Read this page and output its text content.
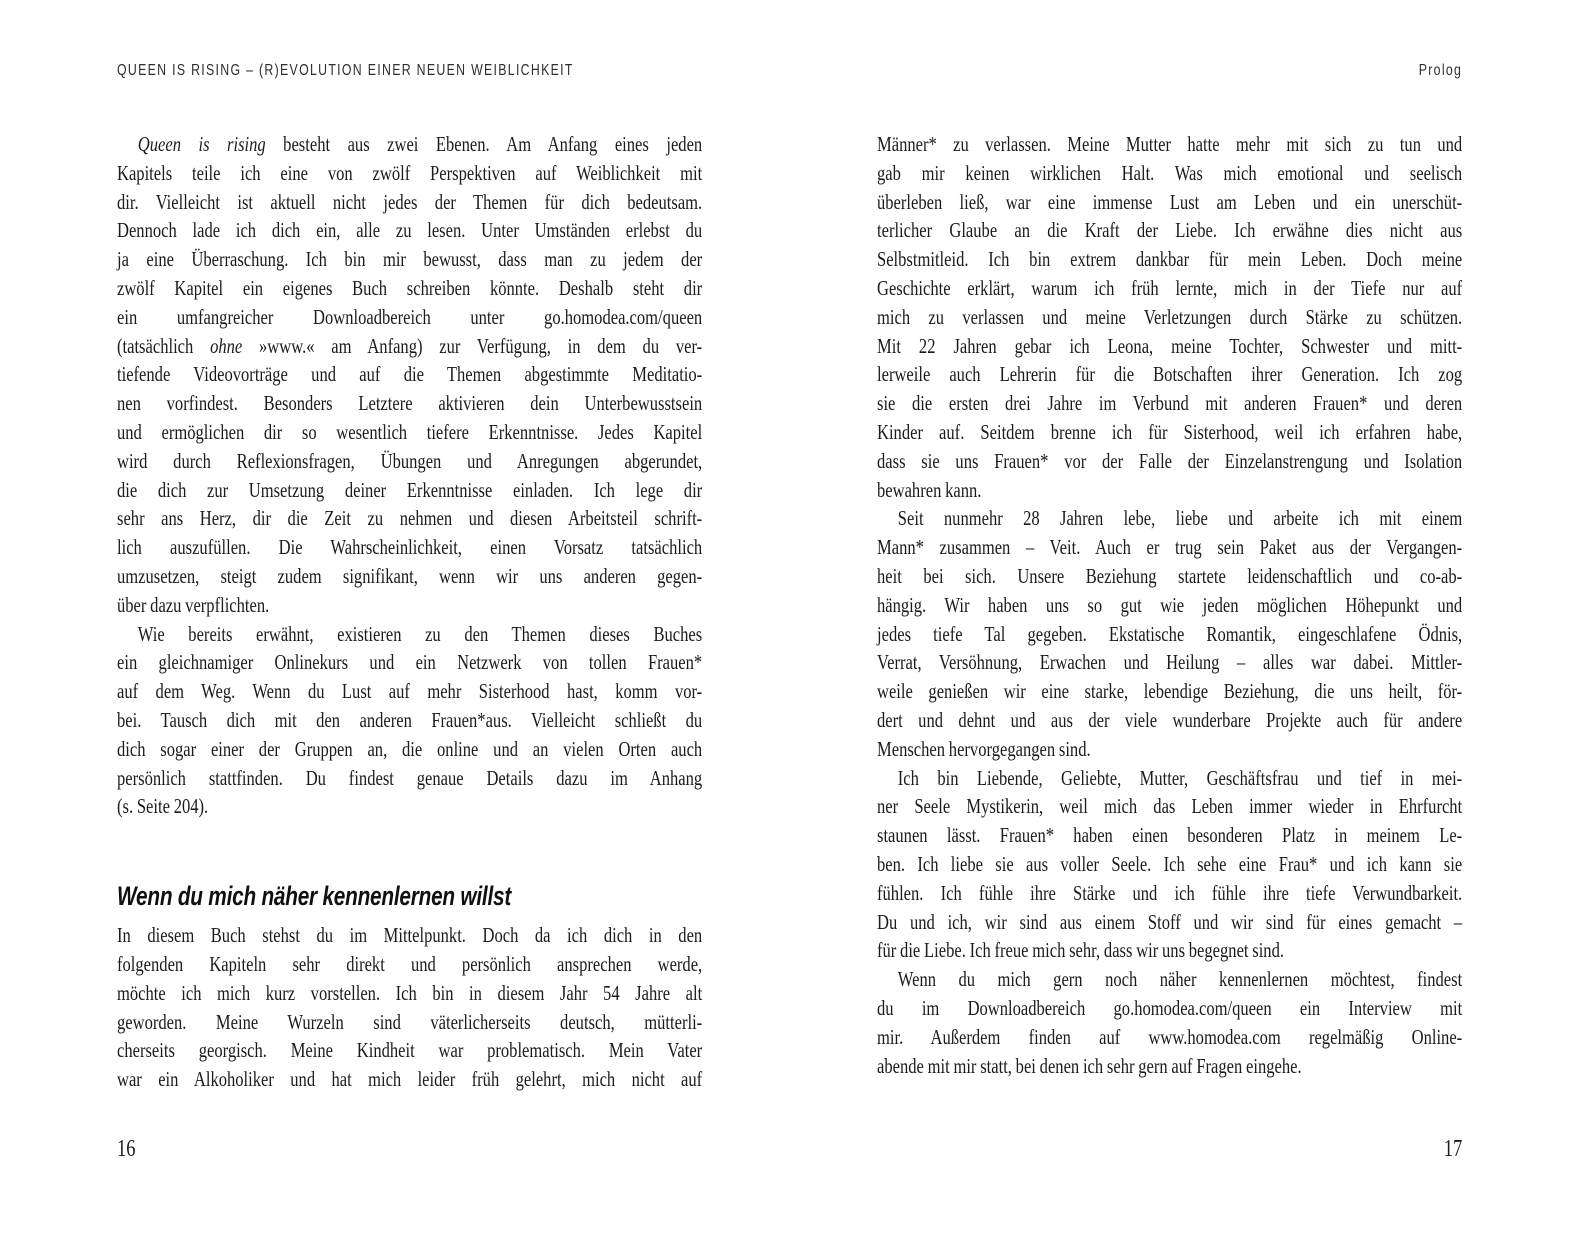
QUEEN IS RISING – (R)EVOLUTION EINER NEUEN WEIBLICHKEIT
Queen is rising besteht aus zwei Ebenen. Am Anfang eines jeden
Kapitels teile ich eine von zwölf Perspektiven auf Weiblichkeit mit
dir. Vielleicht ist aktuell nicht jedes der Themen für dich bedeutsam.
Dennoch lade ich dich ein, alle zu lesen. Unter Umständen erlebst du
ja eine Überraschung. Ich bin mir bewusst, dass man zu jedem der
zwölf Kapitel ein eigenes Buch schreiben könnte. Deshalb steht dir
ein umfangreicher Downloadbereich unter go.homodea.com/queen
(tatsächlich ohne »www.« am Anfang) zur Verfügung, in dem du ver-
tiefende Videovorträge und auf die Themen abgestimmte Meditatio-
nen vorfindest. Besonders Letztere aktivieren dein Unterbewusstsein
und ermöglichen dir so wesentlich tiefere Erkenntnisse. Jedes Kapitel
wird durch Reflexionsfragen, Übungen und Anregungen abgerundet,
die dich zur Umsetzung deiner Erkenntnisse einladen. Ich lege dir
sehr ans Herz, dir die Zeit zu nehmen und diesen Arbeitsteil schrift-
lich auszufüllen. Die Wahrscheinlichkeit, einen Vorsatz tatsächlich
umzusetzen, steigt zudem signifikant, wenn wir uns anderen gegen-
über dazu verpflichten.
Wie bereits erwähnt, existieren zu den Themen dieses Buches
ein gleichnamiger Onlinekurs und ein Netzwerk von tollen Frauen*
auf dem Weg. Wenn du Lust auf mehr Sisterhood hast, komm vor-
bei. Tausch dich mit den anderen Frauen*aus. Vielleicht schließt du
dich sogar einer der Gruppen an, die online und an vielen Orten auch
persönlich stattfinden. Du findest genaue Details dazu im Anhang
(s. Seite 204).
Wenn du mich näher kennenlernen willst
In diesem Buch stehst du im Mittelpunkt. Doch da ich dich in den
folgenden Kapiteln sehr direkt und persönlich ansprechen werde,
möchte ich mich kurz vorstellen. Ich bin in diesem Jahr 54 Jahre alt
geworden. Meine Wurzeln sind väterlicherseits deutsch, mütterli-
cherseits georgisch. Meine Kindheit war problematisch. Mein Vater
war ein Alkoholiker und hat mich leider früh gelehrt, mich nicht auf
16
Prolog
Männer* zu verlassen. Meine Mutter hatte mehr mit sich zu tun und
gab mir keinen wirklichen Halt. Was mich emotional und seelisch
überleben ließ, war eine immense Lust am Leben und ein unerschüt-
terlicher Glaube an die Kraft der Liebe. Ich erwähne dies nicht aus
Selbstmitleid. Ich bin extrem dankbar für mein Leben. Doch meine
Geschichte erklärt, warum ich früh lernte, mich in der Tiefe nur auf
mich zu verlassen und meine Verletzungen durch Stärke zu schützen.
Mit 22 Jahren gebar ich Leona, meine Tochter, Schwester und mitt-
lerweile auch Lehrerin für die Botschaften ihrer Generation. Ich zog
sie die ersten drei Jahre im Verbund mit anderen Frauen* und deren
Kinder auf. Seitdem brenne ich für Sisterhood, weil ich erfahren habe,
dass sie uns Frauen* vor der Falle der Einzelanstrengung und Isolation
bewahren kann.
Seit nunmehr 28 Jahren lebe, liebe und arbeite ich mit einem
Mann* zusammen – Veit. Auch er trug sein Paket aus der Vergangen-
heit bei sich. Unsere Beziehung startete leidenschaftlich und co-ab-
hängig. Wir haben uns so gut wie jeden möglichen Höhepunkt und
jedes tiefe Tal gegeben. Ekstatische Romantik, eingeschlafene Ödnis,
Verrat, Versöhnung, Erwachen und Heilung – alles war dabei. Mittler-
weile genießen wir eine starke, lebendige Beziehung, die uns heilt, för-
dert und dehnt und aus der viele wunderbare Projekte auch für andere
Menschen hervorgegangen sind.
Ich bin Liebende, Geliebte, Mutter, Geschäftsfrau und tief in mei-
ner Seele Mystikerin, weil mich das Leben immer wieder in Ehrfurcht
staunen lässt. Frauen* haben einen besonderen Platz in meinem Le-
ben. Ich liebe sie aus voller Seele. Ich sehe eine Frau* und ich kann sie
fühlen. Ich fühle ihre Stärke und ich fühle ihre tiefe Verwundbarkeit.
Du und ich, wir sind aus einem Stoff und wir sind für eines gemacht –
für die Liebe. Ich freue mich sehr, dass wir uns begegnet sind.
Wenn du mich gern noch näher kennenlernen möchtest, findest
du im Downloadbereich go.homodea.com/queen ein Interview mit
mir. Außerdem finden auf www.homodea.com regelmäßig Online-
abende mit mir statt, bei denen ich sehr gern auf Fragen eingehe.
17
